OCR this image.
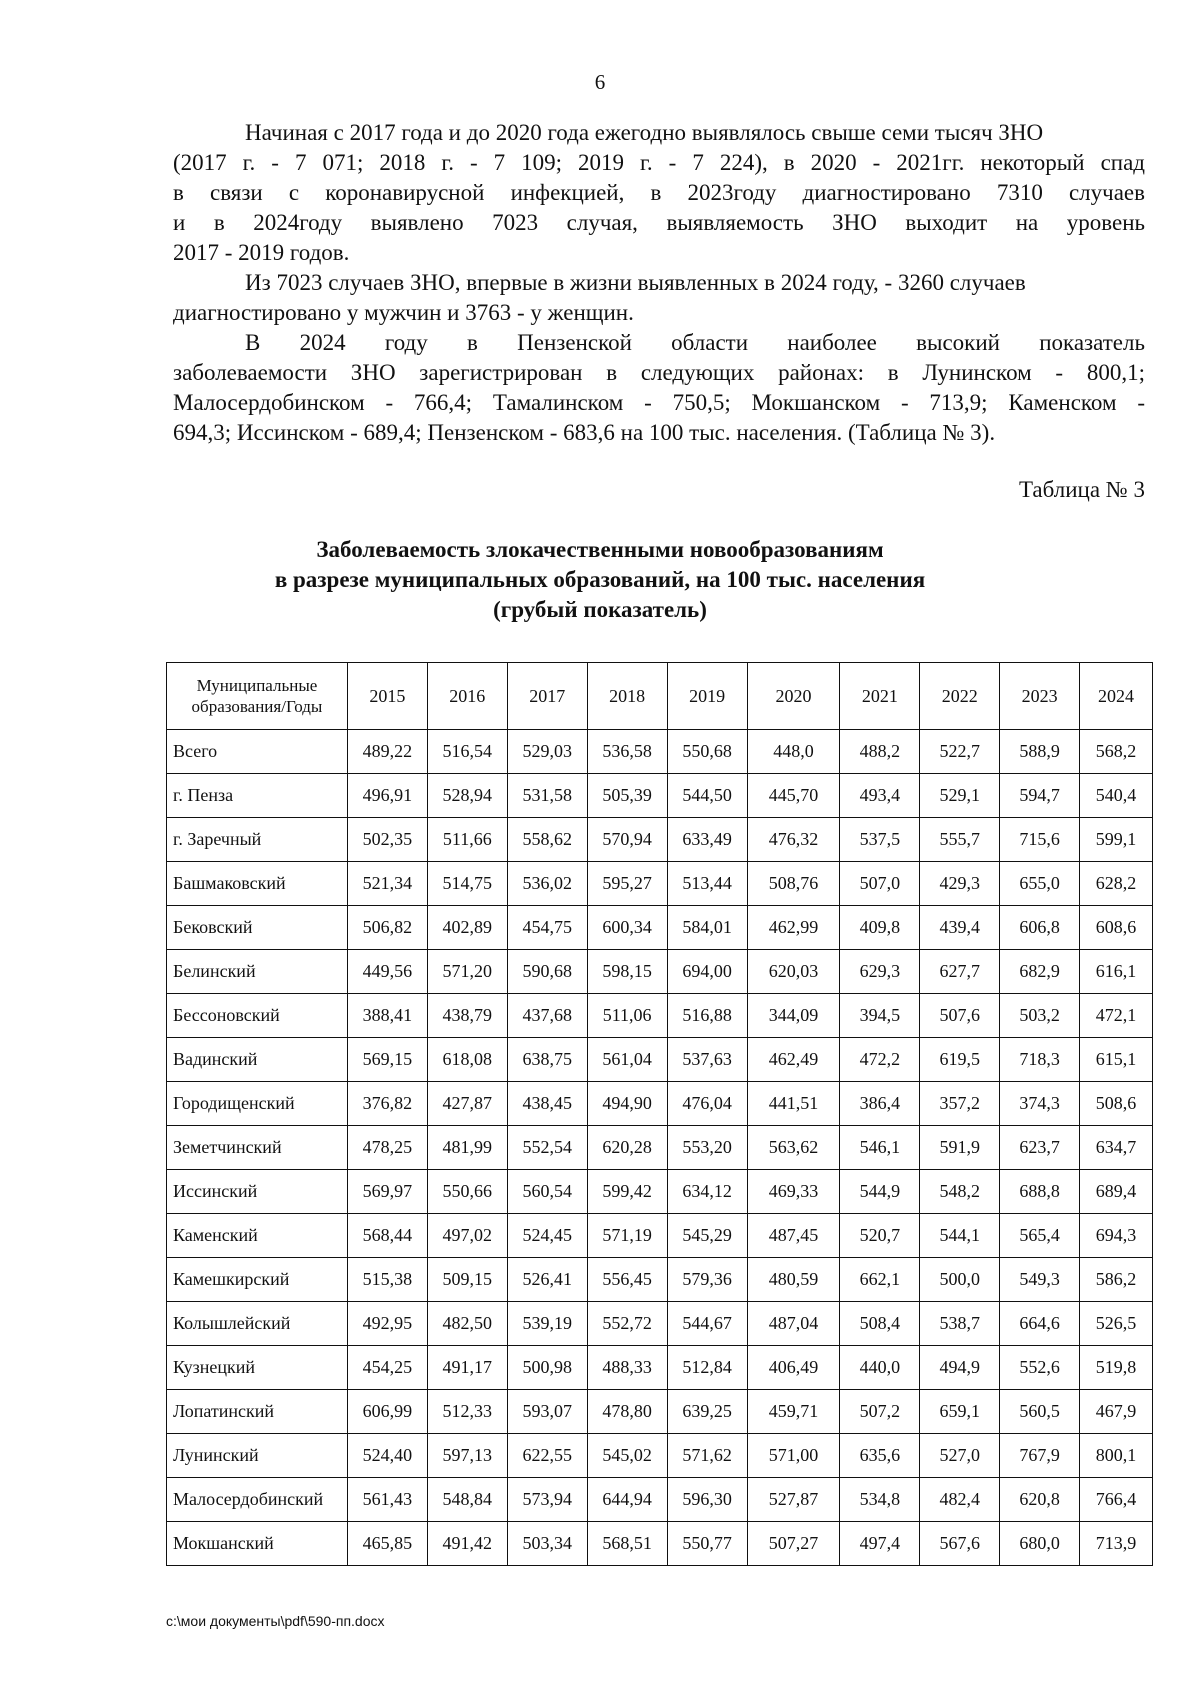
6

Начиная с 2017 года и до 2020 года ежегодно выявлялось свыше семи тысяч ЗНО
(2017 г. - 7 071; 2018 г. - 7 109; 2019 г. - 7 224), в 2020 - 2021гг. некоторый спад
в связи с коронавирусной инфекцией, в 2023году диагностировано 7310 случаев
и в 2024году выявлено 7023 случая, выявляемость ЗНО выходит на уровень
2017 - 2019 годов.

Из 7023 случаев ЗНО, впервые в жизни выявленных в 2024 году, - 3260 случаев
диагностировано у мужчин и 3763 - у женщин.

В 2024 году в Пензенской области наиболее высокий показатель
заболеваемости ЗНО зарегистрирован в следующих районах: в Лунинском - 800,1;
Малосердобинском - 766,4; Тамалинском - 750,5; Мокшанском - 713,9; Каменском -
694,3; Иссинском - 689,4; Пензенском - 683,6 на 100 тыс. населения. (Таблица № 3).

Таблица № 3
Заболеваемость злокачественными новообразованиям
в разрезе муниципальных образований, на 100 тыс. населения
(грубый показатель)
Муниципальные
образования/Годы	2015	2016	2017	2018	2019	2020	2021	2022	2023	2024
Всего	489,22	516,54	529,03	536,58	550,68	448,0	488,2	522,7	588,9	568,2
г. Пенза	496,91	528,94	531,58	505,39	544,50	445,70	493,4	529,1	594,7	540,4
г. Заречный	502,35	511,66	558,62	570,94	633,49	476,32	537,5	555,7	715,6	599,1
Башмаковский	521,34	514,75	536,02	595,27	513,44	508,76	507,0	429,3	655,0	628,2
Бековский	506,82	402,89	454,75	600,34	584,01	462,99	409,8	439,4	606,8	608,6
Белинский	449,56	571,20	590,68	598,15	694,00	620,03	629,3	627,7	682,9	616,1
Бессоновский	388,41	438,79	437,68	511,06	516,88	344,09	394,5	507,6	503,2	472,1
Вадинский	569,15	618,08	638,75	561,04	537,63	462,49	472,2	619,5	718,3	615,1
Городищенский	376,82	427,87	438,45	494,90	476,04	441,51	386,4	357,2	374,3	508,6
Земетчинский	478,25	481,99	552,54	620,28	553,20	563,62	546,1	591,9	623,7	634,7
Иссинский	569,97	550,66	560,54	599,42	634,12	469,33	544,9	548,2	688,8	689,4
Каменский	568,44	497,02	524,45	571,19	545,29	487,45	520,7	544,1	565,4	694,3
Камешкирский	515,38	509,15	526,41	556,45	579,36	480,59	662,1	500,0	549,3	586,2
Колышлейский	492,95	482,50	539,19	552,72	544,67	487,04	508,4	538,7	664,6	526,5
Кузнецкий	454,25	491,17	500,98	488,33	512,84	406,49	440,0	494,9	552,6	519,8
Лопатинский	606,99	512,33	593,07	478,80	639,25	459,71	507,2	659,1	560,5	467,9
Лунинский	524,40	597,13	622,55	545,02	571,62	571,00	635,6	527,0	767,9	800,1
Малосердобинский	561,43	548,84	573,94	644,94	596,30	527,87	534,8	482,4	620,8	766,4
Мокшанский	465,85	491,42	503,34	568,51	550,77	507,27	497,4	567,6	680,0	713,9
c:\мои документы\pdf\590-пп.docx
